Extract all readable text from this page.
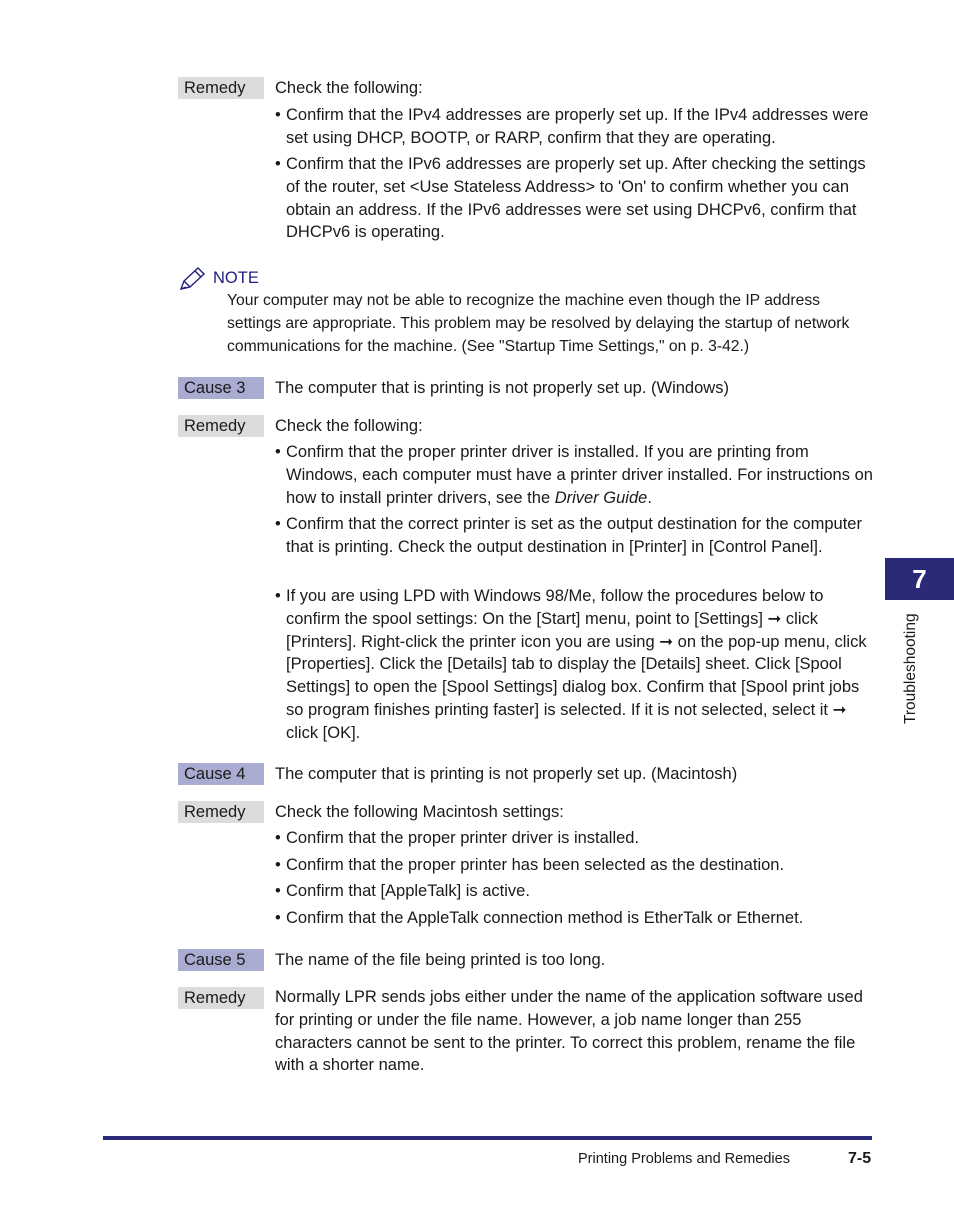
Remedy	Check the following:
• Confirm that the IPv4 addresses are properly set up. If the IPv4 addresses were set using DHCP, BOOTP, or RARP, confirm that they are operating.
• Confirm that the IPv6 addresses are properly set up. After checking the settings of the router, set <Use Stateless Address> to 'On' to confirm whether you can obtain an address. If the IPv6 addresses were set using DHCPv6, confirm that DHCPv6 is operating.
NOTE
Your computer may not be able to recognize the machine even though the IP address settings are appropriate. This problem may be resolved by delaying the startup of network communications for the machine. (See "Startup Time Settings," on p. 3-42.)
Cause 3	The computer that is printing is not properly set up. (Windows)
Remedy	Check the following:
• Confirm that the proper printer driver is installed. If you are printing from Windows, each computer must have a printer driver installed. For instructions on how to install printer drivers, see the Driver Guide.
• Confirm that the correct printer is set as the output destination for the computer that is printing. Check the output destination in [Printer] in [Control Panel].
• If you are using LPD with Windows 98/Me, follow the procedures below to confirm the spool settings: On the [Start] menu, point to [Settings] ➞ click [Printers]. Right-click the printer icon you are using ➞ on the pop-up menu, click [Properties]. Click the [Details] tab to display the [Details] sheet. Click [Spool Settings] to open the [Spool Settings] dialog box. Confirm that [Spool print jobs so program finishes printing faster] is selected. If it is not selected, select it ➞ click [OK].
Cause 4	The computer that is printing is not properly set up. (Macintosh)
Remedy	Check the following Macintosh settings:
• Confirm that the proper printer driver is installed.
• Confirm that the proper printer has been selected as the destination.
• Confirm that [AppleTalk] is active.
• Confirm that the AppleTalk connection method is EtherTalk or Ethernet.
Cause 5	The name of the file being printed is too long.
Remedy	Normally LPR sends jobs either under the name of the application software used for printing or under the file name. However, a job name longer than 255 characters cannot be sent to the printer. To correct this problem, rename the file with a shorter name.
7
Troubleshooting
Printing Problems and Remedies	7-5
